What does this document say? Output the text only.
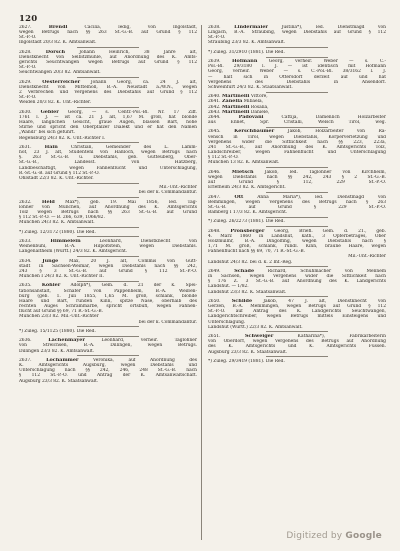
120
2627.	Brendl Cäcilia, ledig, von Ingolstadt,
wegen Betrugs nach §§ 263 St.-G.-B. auf Grund § 112
St.-P.-O.
Ingolstadt 20/3 82. K. Amtsanwalt.
2628.	Dorsch Johann Heinrich, 38 Jahre alt,
Dienstknecht von Selbitzmühle, auf Anordnung des K. Amts-
gerichts Seuchtwangen wegen Betrugs auf Grund § 112
St.-P.-O.
Seuchtwangen 20/3 82. Amtsanwalt.
2629. Oesterreicher Johann Georg, ca. 24 J. alt,
Dienstknecht von Mittelhöll, B.-A. Neustadt a./W.N., wegen
2 Verbrechen und Vergehens des Diebstahls auf Grund § 112
St.-P.-O.
Weiden 20/3 82. K. Unt.-Richter.
2630. Gebler Georg, — s. Centr.-Pol.-Bl. Nr. 17 Ziff.
1761 l. J. — ist ca. 21 J. alt, 1,67 M. groß, hat blonde
Haare, länglichen Gesicht, graue Augen, blassen Bart, hohe
Stirne und spricht den Oberpfälzer Dialekt und er hat den Namen
„Wandl“ bei sich geführt.
Regensburg 24/3 82. K. Unt.-Richter I.
2631.	Hain Christian, Gemeinder des L. Lamm-
hof, 23 J. alt, Studentenl von Haßloch, wegen Betrugs nach
§. 263 St.-G.-B. u. Diebstahls, geb. Gutteuberg, Ober-
St.-G.-B., Landesst. von Hatzberg,
Landbeschäftigt, wegen Fahnenflucht und Unterschlagung,
R.-St.-G.-B. auf Grund § 112 St.-P.-O.
Ohlstädt 22/3 82. K. Unt.-Richter.
Mil.-Unt.-Richter
bei der k. Commandantur.
2632. Held Max*), geb. 19. Mai 1856, led. Tag-
löhner von München, auf Anordnung des K. Amtsgerichts
Tölz wegen Betrugs nach §§ 263 St.-G.-B. auf Grund
§ 112 St.-P.-O. — B. 266, 639, 1066/82.
München 24/3 82. K. Amtsanwalt.
*) Zuleg. 12/3172 (1880). Die Red.
2633.	Himmelein Leonhard, Dienstknecht von
Weihenbühl, B.-A. Hilpoltstein, wegen Diebstahls.
Langenaltheim (Württ.) 24/3 82. K. Amtsgericht.
2634. Junge Max, 20 J. alt, Commis von Gutt-
stadt in Sachsen-Weimar, wegen Diebstahls nach §§ 242,
243 § 3 St.-G.-B. auf Grund § 112 St.-P.-O.
München I 24/3 82. K. Unt.-Richter II.
2635. Kohler Adolph*), Gem. d. 21 der k. Spei-
tationsanstalt, Schäfer von Pappenheim, B.-A. Weißen-
burg (geb. 1. Juli 1855, 1,65 M. groß, schlank, blonde
Haare und Bart, runden Kinn, spitze Nase, oberhalb des
rechten Auges Schrammarbe, spricht ortsbüfl, wegen Fahnen-
flucht auf Grund §§ 69, 71 R.-St.-G.-B.
München 23/3 82. Mil.-Unt.-Richter
bei der k. Commandantur.
*) Zuleg. 15/1125 (1880). Die Red.
2636.	Lachenmayer Leonhard, verheir. Taglöhner
von Strelchsen, B.-A. Dillingen, wegen Betrugs.
Dillingen 23/3 82. K. Amtsanwalt.
2637.	Lochammer Veronika, auf Anordnung des
K. Amtsgerichts Augsburg, wegen Diebstahls und
Unterschlagung nach §§ 242, 246, 248 St.-G.-B. nach
§ 112 St.-P.-O. und Antrag der K. Amtsanwaltschaft.
Augsburg 23/3 82. K. Staatsanwalt.
2638.	Lindermaier Justina*), led. Dienstmagd von
Lingach, B.-A. Straubing, wegen Diebstahls auf Grund § 112
St.-P.-O.
Straubing 23/3 82. K. Amtsanwalt.
*) Zuleg. 31/2910 (1881). Die Red.
2639. Hofmann Georg, verheir. Weber — s. C.-
Pol.-Bl. 29/3180 l. J. — ist identisch mit Hofmann
Georg, verheir. Weber — s. C.-Pol.-Bl. 38/3162 l. J.
— hält sich in Ottersdorf derzeit auf und hat
Vergehens des Diebstahls in Ansendorf.
Schweinfurt 24/3 82. K. Staatsanwalt.
2640. Martinelli Vittore,
2641. Zanella Mibaela,
2642. Martinelli Rosalia,
2643. Martinelli Daniele,
2644.	Padovani Cattija, Damenlich Holzarbeiter
aus Ennet, Spr. Cristalli, Welsch Tirol, weg.
2645.	Kerschbaumer Jakob, Holzarbeiter von Ra-
vensch in Tirol, wegen Diebstahls, Körperverletzung und
Vergehens wider die Sittlichkeit nach §§ 223, 223a,
241 St.-G.-B., auf Anordnung des K. Amtsgerichts Tölz,
Landschreiber, wegen Fahnenflucht und Unterschlagung
§ 112 St.-P.-O.
München 13 82. K. Amtsanwalt.
2646. Mietsch Jakob, led. Taglöhner von Kirchheim,
wegen Diebstahls nach §§ 242, 243 § 2 St.-G.-B.
auf Grund § 112, 229 St.-P.-O.
Erlefheim 24/3 82. K. Amtsgericht.
2647.	Ott Anna Maria*), led. Dienstmagd von
Bemmingen, wegen Vergehens des Betrugs nach § 263
St.-G.-B. auf Grund § 229 St.-P.-O.
Bamberg I 17/3 82. K. Amtsgericht.
*) Zuleg. 26/2273 (1881). Die Red.
2648. Pronsberger Georg, Briefl. Gem. d. 21., geb.
4. März 1860 in Landshut, kath., 3 Opferbetrages, Ober
Holzmüllnr, B.-A. Dingolfing, wegen Diebstahls nach §
1,71 M. groß, schlank, rundl. Kinn, braune Haare, wegen
Fahnenflucht nach §§ 69, 70, 71 R.-St.-G.-B.
Mil.-Unt.-Richter
Landshut 24/3 82. bei d. k. 2 Inf.-Reg.
2649.	Schade Richard, Schuhmacher von Mennem
in Sachsen, wegen Vergehens wider die Sittlichkeit nach
§ 176 Z. 3 St.-G.-B. auf Anordnung des K. Landgerichts
Landshut. — 1/82.
Landshut 23/3 82. K. Staatsanwalt.
2650. Schilde Jakob, 47 J. alt, Dienstknecht von
Gerzen, B.-A. Memmingen, wegen Betrugs auf Grund § 112
St.-P.-O. auf Antrag des K. Landgerichts Seuchtwangen,
Landgerichtschreiber, wegen Betrugs mittels Einsteigens und
Unterschlagung.
Landshut (Württ.) 22/3 82. K. Amtsanwalt.
2651.	Schweiger Katharina*), Fabrikarbeiterin
von Oberdorf, wegen Vergehens des Betrugs auf Anordnung
des K. Amtsgerichts und K. Amtsgerichts Füssen.
Augsburg 23/3 82. K. Staatsanwalt.
*) Zuleg. 29/3419 (1881). Die Red.
Digitized by Google
